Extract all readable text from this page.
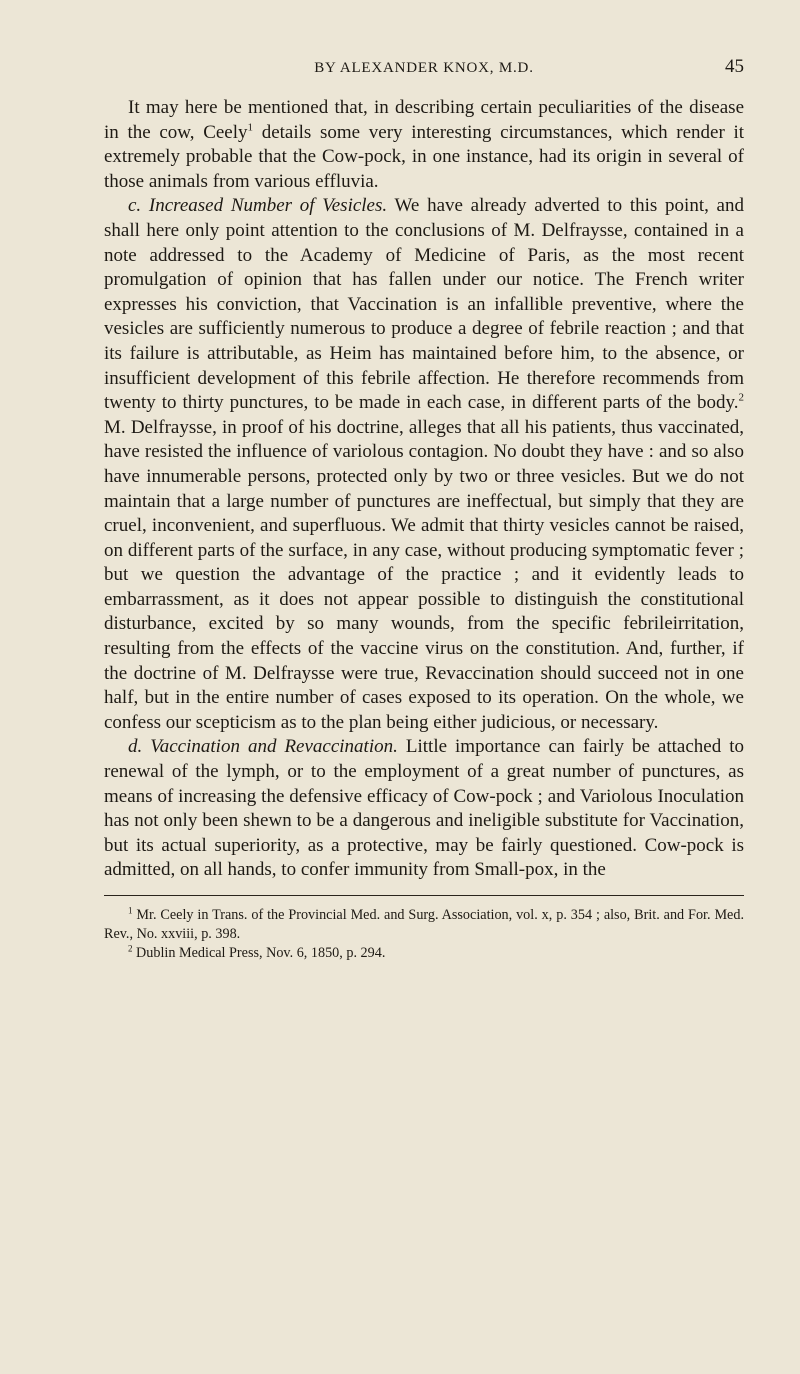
BY ALEXANDER KNOX, M.D.	45

It may here be mentioned that, in describing certain peculiarities of the disease in the cow, Ceely$^1$ details some very interesting circumstances, which render it extremely probable that the Cow-pock, in one instance, had its origin in several of those animals from various effluvia.

c. Increased Number of Vesicles. We have already adverted to this point, and shall here only point attention to the conclusions of M. Delfraysse, contained in a note addressed to the Academy of Medicine of Paris, as the most recent promulgation of opinion that has fallen under our notice. The French writer expresses his conviction, that Vaccination is an infallible preventive, where the vesicles are sufficiently numerous to produce a degree of febrile reaction ; and that its failure is attributable, as Heim has maintained before him, to the absence, or insufficient development of this febrile affection. He therefore recommends from twenty to thirty punctures, to be made in each case, in different parts of the body.$^2$ M. Delfraysse, in proof of his doctrine, alleges that all his patients, thus vaccinated, have resisted the influence of variolous contagion. No doubt they have : and so also have innumerable persons, protected only by two or three vesicles. But we do not maintain that a large number of punctures are ineffectual, but simply that they are cruel, inconvenient, and superfluous. We admit that thirty vesicles cannot be raised, on different parts of the surface, in any case, without producing symptomatic fever ; but we question the advantage of the practice ; and it evidently leads to embarrassment, as it does not appear possible to distinguish the constitutional disturbance, excited by so many wounds, from the specific febrileirritation, resulting from the effects of the vaccine virus on the constitution. And, further, if the doctrine of M. Delfraysse were true, Revaccination should succeed not in one half, but in the entire number of cases exposed to its operation. On the whole, we confess our scepticism as to the plan being either judicious, or necessary.

d. Vaccination and Revaccination. Little importance can fairly be attached to renewal of the lymph, or to the employment of a great number of punctures, as means of increasing the defensive efficacy of Cow-pock ; and Variolous Inoculation has not only been shewn to be a dangerous and ineligible substitute for Vaccination, but its actual superiority, as a protective, may be fairly questioned. Cow-pock is admitted, on all hands, to confer immunity from Small-pox, in the

$^1$ Mr. Ceely in Trans. of the Provincial Med. and Surg. Association, vol. x, p. 354 ; also, Brit. and For. Med. Rev., No. xxviii, p. 398.

$^2$ Dublin Medical Press, Nov. 6, 1850, p. 294.
